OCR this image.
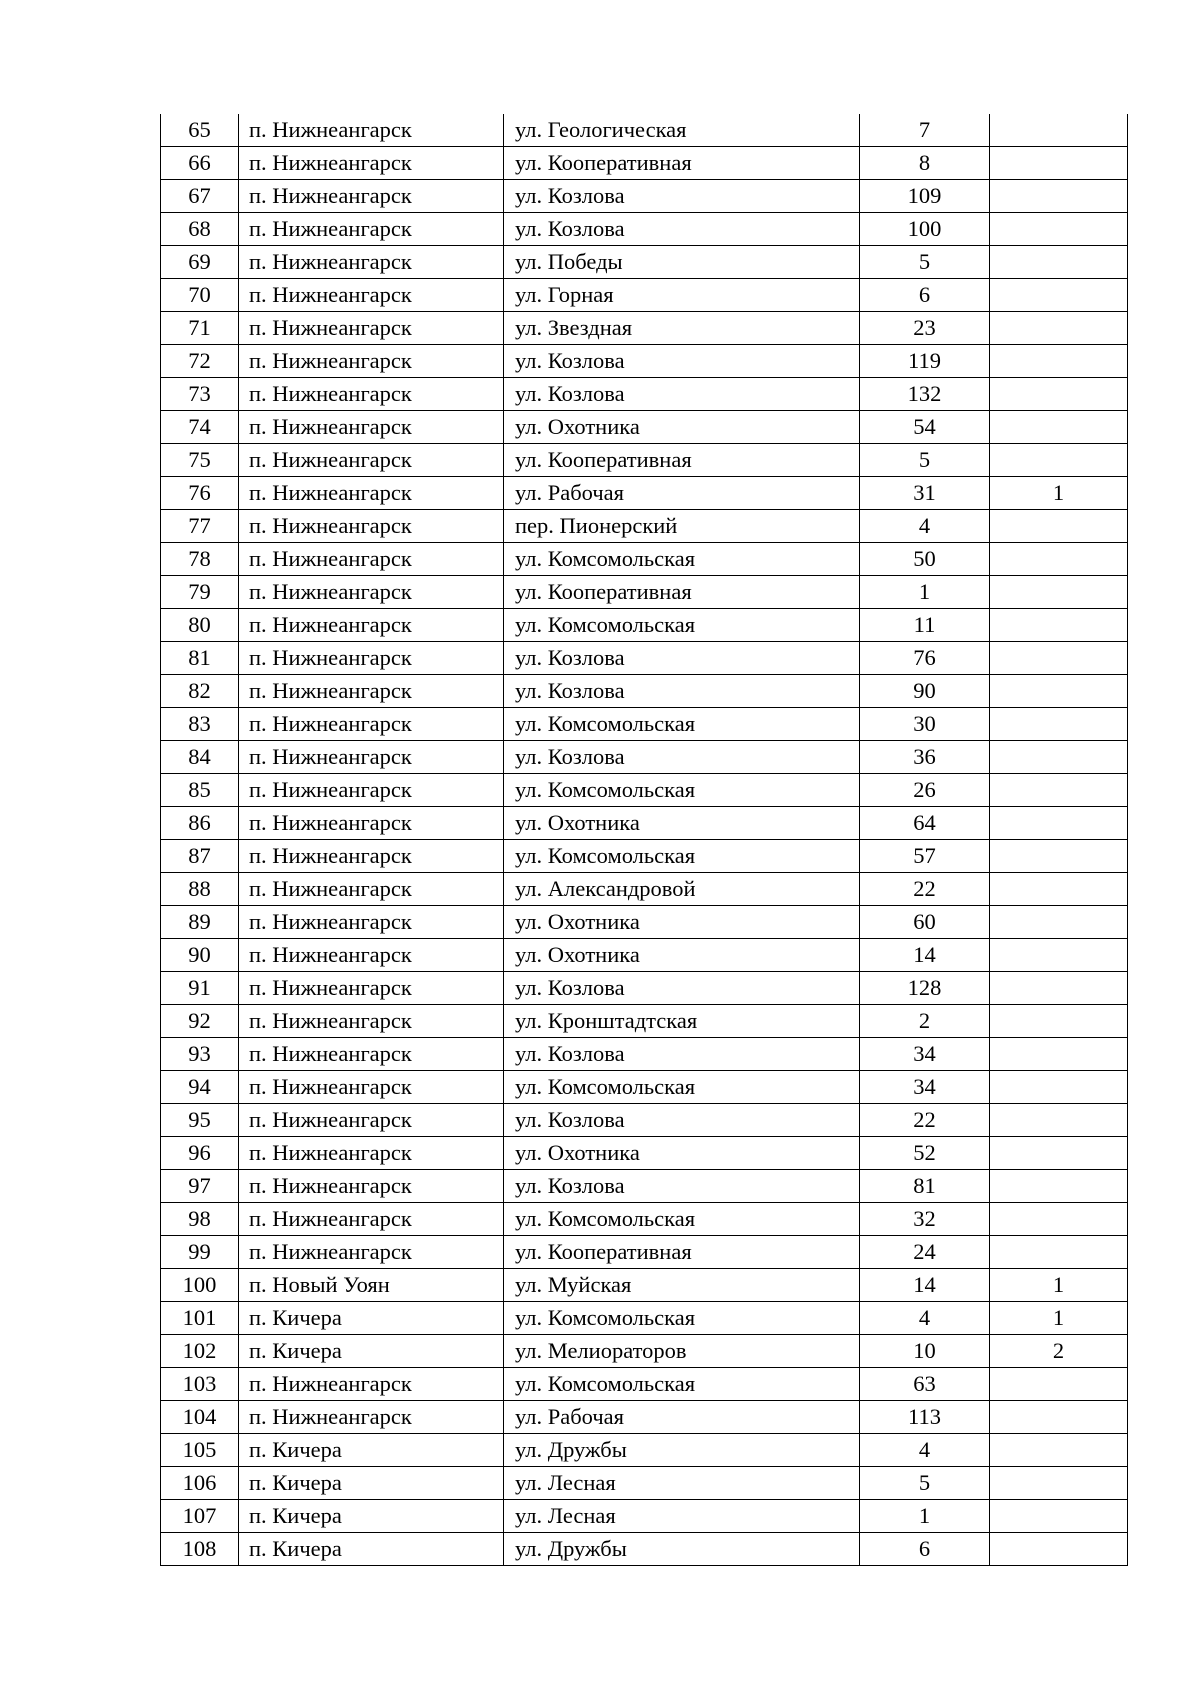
65	п. Нижнеангарск	ул. Геологическая	7	
66	п. Нижнеангарск	ул. Кооперативная	8	
67	п. Нижнеангарск	ул. Козлова	109	
68	п. Нижнеангарск	ул. Козлова	100	
69	п. Нижнеангарск	ул. Победы	5	
70	п. Нижнеангарск	ул. Горная	6	
71	п. Нижнеангарск	ул. Звездная	23	
72	п. Нижнеангарск	ул. Козлова	119	
73	п. Нижнеангарск	ул. Козлова	132	
74	п. Нижнеангарск	ул. Охотника	54	
75	п. Нижнеангарск	ул. Кооперативная	5	
76	п. Нижнеангарск	ул. Рабочая	31	1
77	п. Нижнеангарск	пер. Пионерский	4	
78	п. Нижнеангарск	ул. Комсомольская	50	
79	п. Нижнеангарск	ул. Кооперативная	1	
80	п. Нижнеангарск	ул. Комсомольская	11	
81	п. Нижнеангарск	ул. Козлова	76	
82	п. Нижнеангарск	ул. Козлова	90	
83	п. Нижнеангарск	ул. Комсомольская	30	
84	п. Нижнеангарск	ул. Козлова	36	
85	п. Нижнеангарск	ул. Комсомольская	26	
86	п. Нижнеангарск	ул. Охотника	64	
87	п. Нижнеангарск	ул. Комсомольская	57	
88	п. Нижнеангарск	ул. Александровой	22	
89	п. Нижнеангарск	ул. Охотника	60	
90	п. Нижнеангарск	ул. Охотника	14	
91	п. Нижнеангарск	ул. Козлова	128	
92	п. Нижнеангарск	ул. Кронштадтская	2	
93	п. Нижнеангарск	ул. Козлова	34	
94	п. Нижнеангарск	ул. Комсомольская	34	
95	п. Нижнеангарск	ул. Козлова	22	
96	п. Нижнеангарск	ул. Охотника	52	
97	п. Нижнеангарск	ул. Козлова	81	
98	п. Нижнеангарск	ул. Комсомольская	32	
99	п. Нижнеангарск	ул. Кооперативная	24	
100	п. Новый Уоян	ул. Муйская	14	1
101	п. Кичера	ул. Комсомольская	4	1
102	п. Кичера	ул. Мелиораторов	10	2
103	п. Нижнеангарск	ул. Комсомольская	63	
104	п. Нижнеангарск	ул. Рабочая	113	
105	п. Кичера	ул. Дружбы	4	
106	п. Кичера	ул. Лесная	5	
107	п. Кичера	ул. Лесная	1	
108	п. Кичера	ул. Дружбы	6	
